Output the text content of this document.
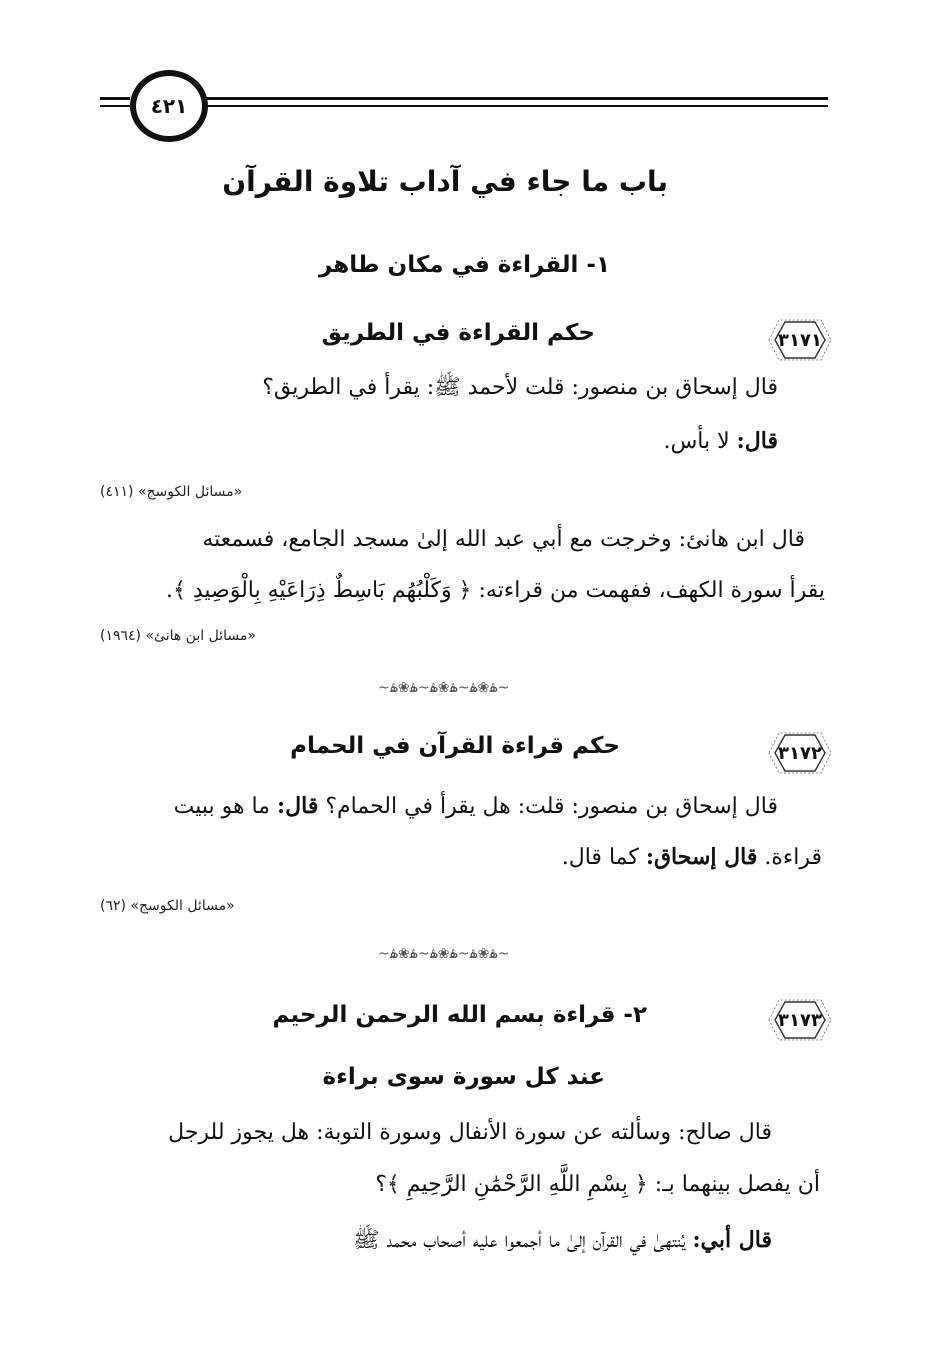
٤٢١
باب ما جاء في آداب تلاوة القرآن
١- القراءة في مكان طاهر
٣١٧١
حكم القراءة في الطريق
قال إسحاق بن منصور: قلت لأحمد ﷺ: يقرأ في الطريق؟
قال: لا بأس.
«مسائل الكوسج» (٤١١)
قال ابن هانئ: وخرجت مع أبي عبد الله إلىٰ مسجد الجامع، فسمعته
يقرأ سورة الكهف، ففهمت من قراءته: ﴿ وَكَلْبُهُم بَاسِطٌ ذِرَاعَيْهِ بِالْوَصِيدِ ﴾.
«مسائل ابن هانئ» (١٩٦٤)
~ۿ❀ۿ~ۿ❀ۿ~ۿ❀ۿ~
٣١٧٢
حكم قراءة القرآن في الحمام
قال إسحاق بن منصور: قلت: هل يقرأ في الحمام؟ قال: ما هو ببيت
قراءة. قال إسحاق: كما قال.
«مسائل الكوسج» (٦٢)
~ۿ❀ۿ~ۿ❀ۿ~ۿ❀ۿ~
٣١٧٣
٢- قراءة بسم الله الرحمن الرحيم
عند كل سورة سوى براءة
قال صالح: وسألته عن سورة الأنفال وسورة التوبة: هل يجوز للرجل
أن يفصل بينهما بـ: ﴿ بِسْمِ اللَّهِ الرَّحْمَٰنِ الرَّحِيمِ ﴾؟
قال أبي: يُنتهىٰ في القرآن إلىٰ ما أجمعوا عليه أصحاب محمد ﷺ
